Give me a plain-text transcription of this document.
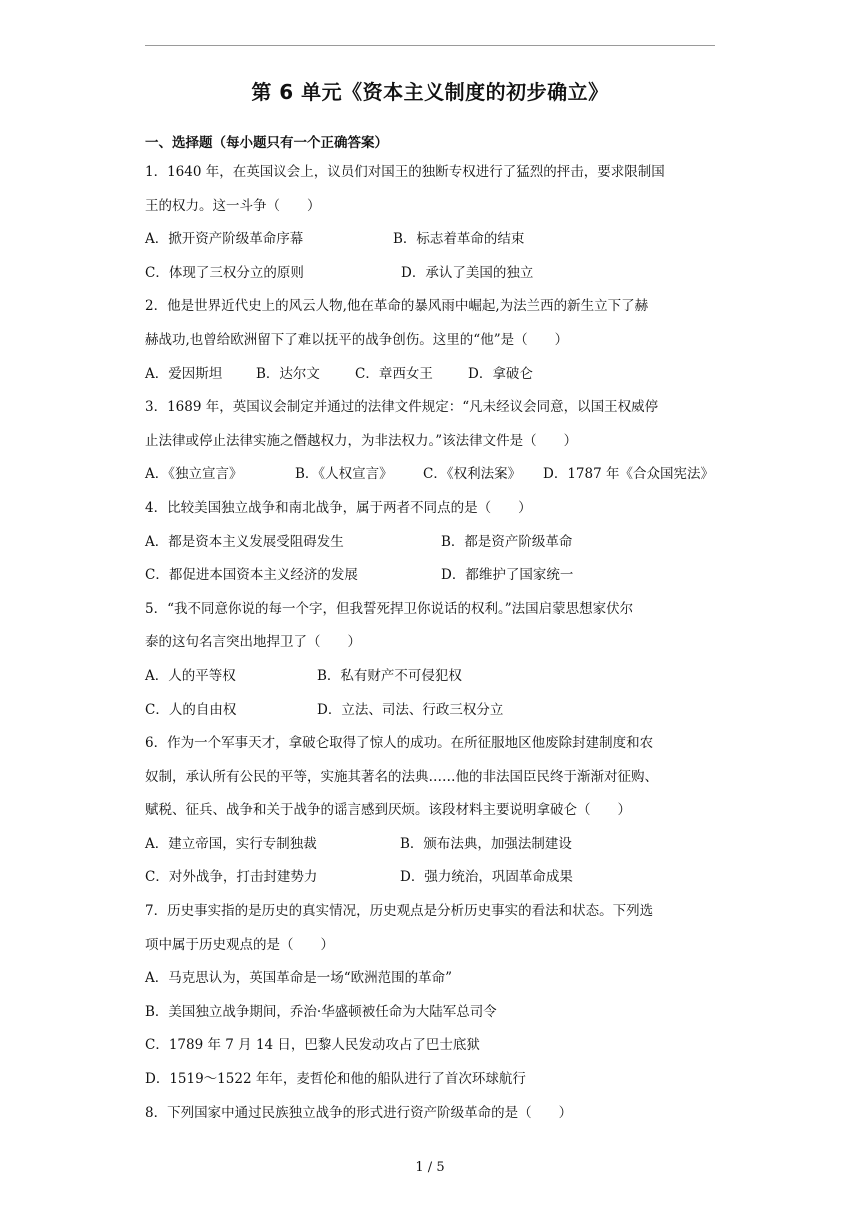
第 6 单元《资本主义制度的初步确立》
一、选择题（每小题只有一个正确答案）
1．1640 年，在英国议会上，议员们对国王的独断专权进行了猛烈的抨击，要求限制国
王的权力。这一斗争（　　）
A．掀开资产阶级革命序幕	B．标志着革命的结束
C．体现了三权分立的原则	D．承认了美国的独立
2．他是世界近代史上的风云人物,他在革命的暴风雨中崛起,为法兰西的新生立下了赫
赫战功,也曾给欧洲留下了难以抚平的战争创伤。这里的“他”是（　　）
A．爱因斯坦	B．达尔文	C．章西女王	D．拿破仑
3．1689 年，英国议会制定并通过的法律文件规定：“凡未经议会同意，以国王权威停
止法律或停止法律实施之僭越权力，为非法权力。”该法律文件是（　　）
A．《独立宣言》	B．《人权宣言》 C．《权利法案》 D．1787 年《合众国宪法》
4．比较美国独立战争和南北战争，属于两者不同点的是（　　）
A．都是资本主义发展受阻碍发生	B．都是资产阶级革命
C．都促进本国资本主义经济的发展	D．都维护了国家统一
5．“我不同意你说的每一个字，但我誓死捍卫你说话的权利。”法国启蒙思想家伏尔
泰的这句名言突出地捍卫了（　　）
A．人的平等权	B．私有财产不可侵犯权
C．人的自由权	D．立法、司法、行政三权分立
6．作为一个军事天才，拿破仑取得了惊人的成功。在所征服地区他废除封建制度和农
奴制，承认所有公民的平等，实施其著名的法典……他的非法国臣民终于渐渐对征购、
赋税、征兵、战争和关于战争的谣言感到厌烦。该段材料主要说明拿破仑（　　）
A．建立帝国，实行专制独裁	B．颁布法典，加强法制建设
C．对外战争，打击封建势力	D．强力统治，巩固革命成果
7．历史事实指的是历史的真实情况，历史观点是分析历史事实的看法和状态。下列选
项中属于历史观点的是（　　）
A．马克思认为，英国革命是一场“欧洲范围的革命”
B．美国独立战争期间，乔治·华盛顿被任命为大陆军总司令
C．1789 年 7 月 14 日，巴黎人民发动攻占了巴士底狱
D．1519～1522 年年，麦哲伦和他的船队进行了首次环球航行
8．下列国家中通过民族独立战争的形式进行资产阶级革命的是（　　）
1 / 5
